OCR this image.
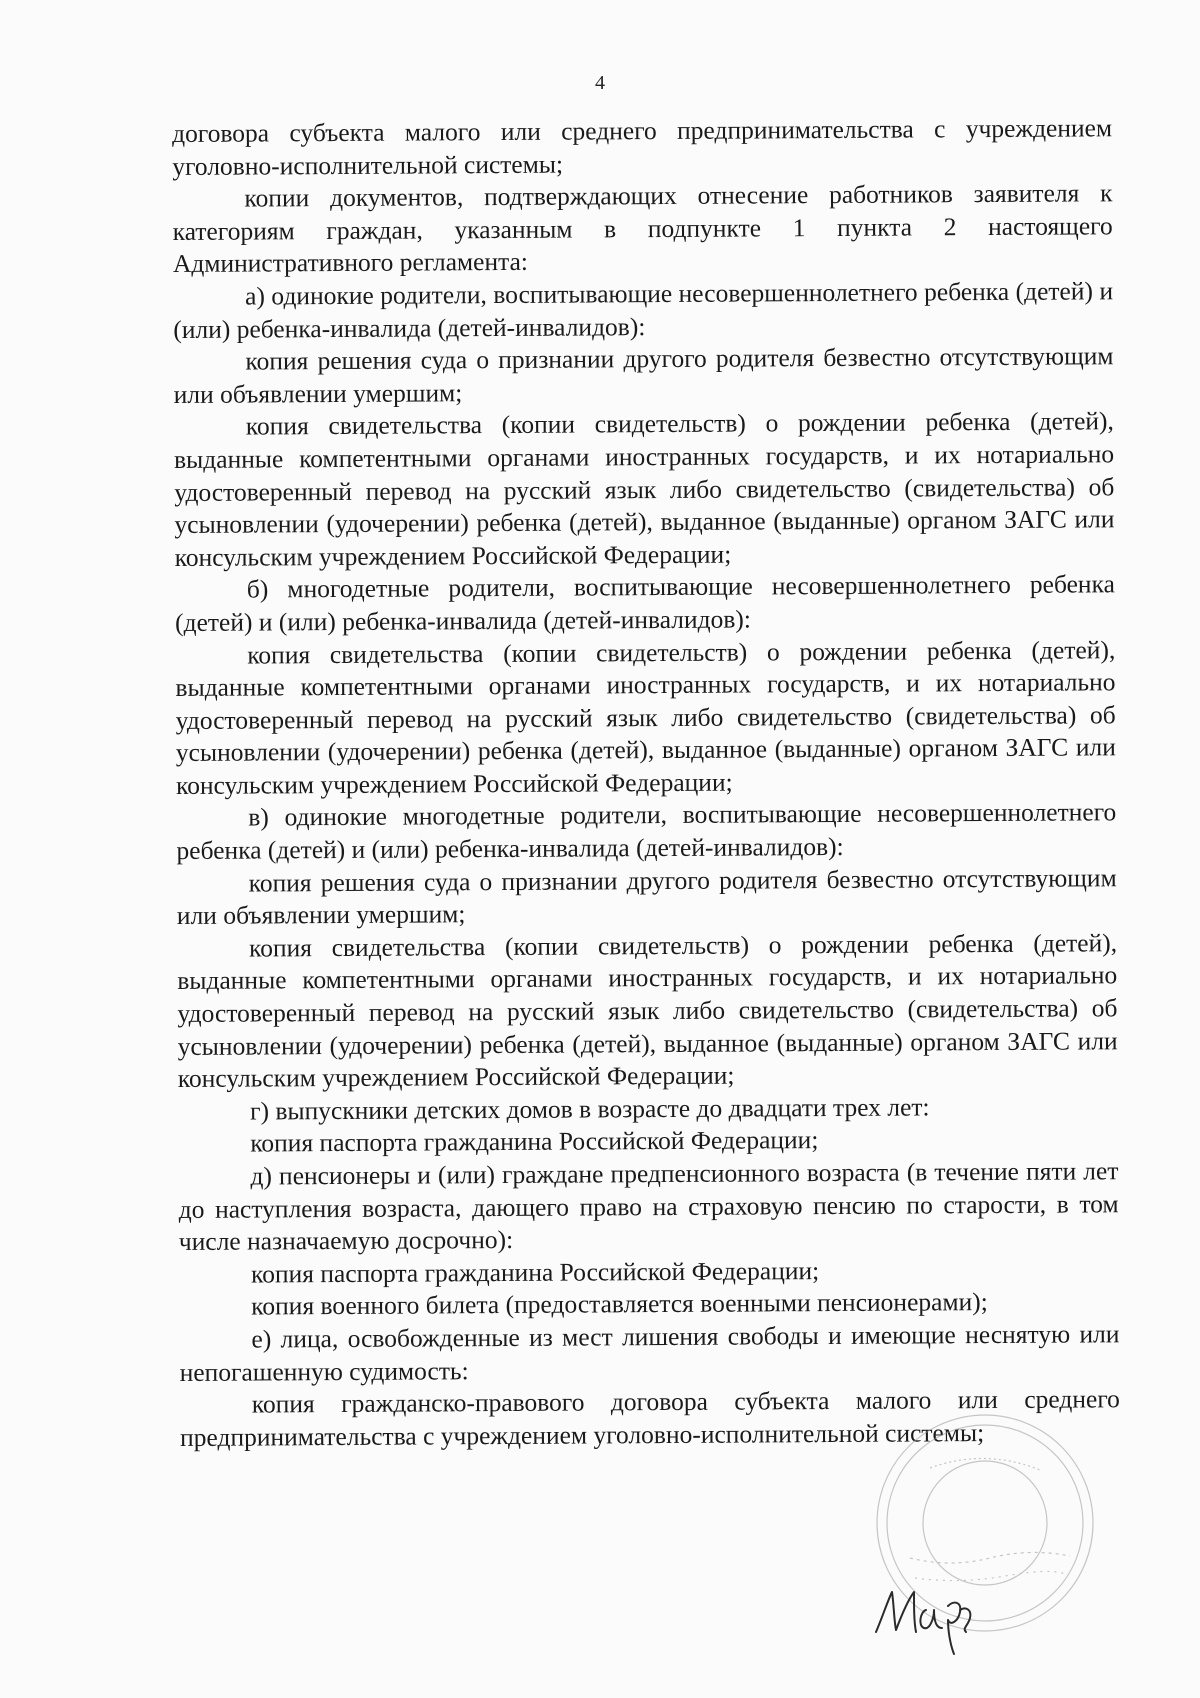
4

договора субъекта малого или среднего предпринимательства с учреждением уголовно-исполнительной системы;

копии документов, подтверждающих отнесение работников заявителя к категориям граждан, указанным в подпункте 1 пункта 2 настоящего Административного регламента:

а) одинокие родители, воспитывающие несовершеннолетнего ребенка (детей) и (или) ребенка-инвалида (детей-инвалидов):

копия решения суда о признании другого родителя безвестно отсутствующим или объявлении умершим;

копия свидетельства (копии свидетельств) о рождении ребенка (детей), выданные компетентными органами иностранных государств, и их нотариально удостоверенный перевод на русский язык либо свидетельство (свидетельства) об усыновлении (удочерении) ребенка (детей), выданное (выданные) органом ЗАГС или консульским учреждением Российской Федерации;

б) многодетные родители, воспитывающие несовершеннолетнего ребенка (детей) и (или) ребенка-инвалида (детей-инвалидов):

копия свидетельства (копии свидетельств) о рождении ребенка (детей), выданные компетентными органами иностранных государств, и их нотариально удостоверенный перевод на русский язык либо свидетельство (свидетельства) об усыновлении (удочерении) ребенка (детей), выданное (выданные) органом ЗАГС или консульским учреждением Российской Федерации;

в) одинокие многодетные родители, воспитывающие несовершеннолетнего ребенка (детей) и (или) ребенка-инвалида (детей-инвалидов):

копия решения суда о признании другого родителя безвестно отсутствующим или объявлении умершим;

копия свидетельства (копии свидетельств) о рождении ребенка (детей), выданные компетентными органами иностранных государств, и их нотариально удостоверенный перевод на русский язык либо свидетельство (свидетельства) об усыновлении (удочерении) ребенка (детей), выданное (выданные) органом ЗАГС или консульским учреждением Российской Федерации;

г) выпускники детских домов в возрасте до двадцати трех лет:

копия паспорта гражданина Российской Федерации;

д) пенсионеры и (или) граждане предпенсионного возраста (в течение пяти лет до наступления возраста, дающего право на страховую пенсию по старости, в том числе назначаемую досрочно):

копия паспорта гражданина Российской Федерации;

копия военного билета (предоставляется военными пенсионерами);

е) лица, освобожденные из мест лишения свободы и имеющие неснятую или непогашенную судимость:

копия гражданско-правового договора субъекта малого или среднего предпринимательства с учреждением уголовно-исполнительной системы;
